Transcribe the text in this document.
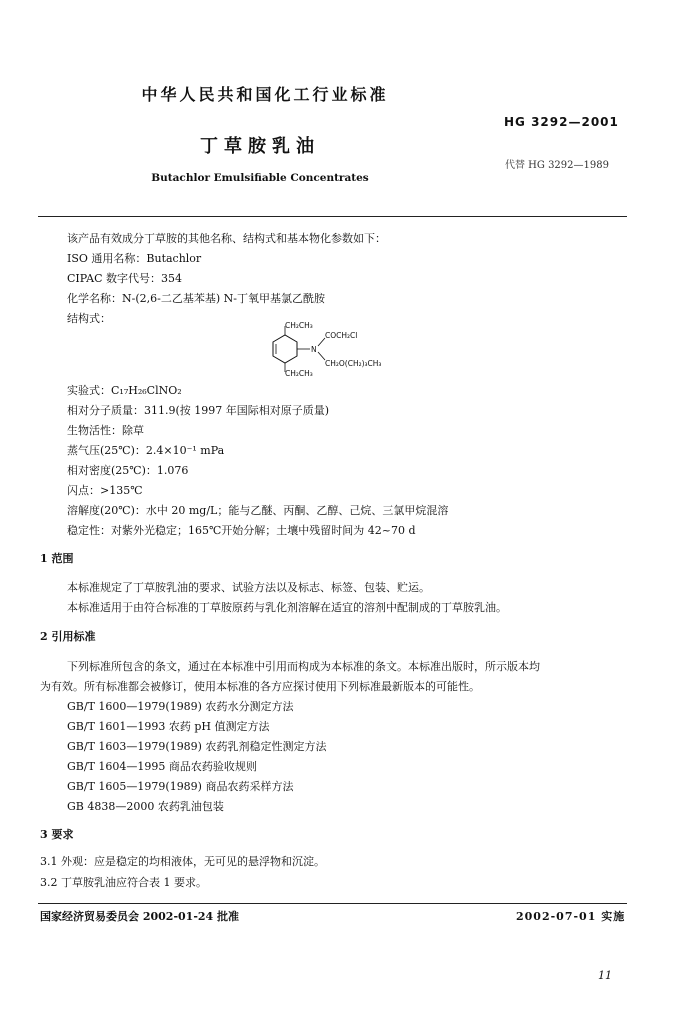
中华人民共和国化工行业标准
HG 3292—2001
丁草胺乳油
代替 HG 3292—1989
Butachlor Emulsifiable Concentrates
该产品有效成分丁草胺的其他名称、结构式和基本物化参数如下：
ISO 通用名称：Butachlor
CIPAC 数字代号：354
化学名称：N-(2,6-二乙基苯基) N-丁氧甲基氯乙酰胺
结构式：
CH₂CH₃
N
COCH₂Cl
CH₂O(CH₂)₃CH₃
CH₂CH₃
实验式：C₁₇H₂₆ClNO₂
相对分子质量：311.9(按 1997 年国际相对原子质量)
生物活性：除草
蒸气压(25℃)：2.4×10⁻¹ mPa
相对密度(25℃)：1.076
闪点：>135℃
溶解度(20℃)：水中 20 mg/L；能与乙醚、丙酮、乙醇、己烷、三氯甲烷混溶
稳定性：对紫外光稳定；165℃开始分解；土壤中残留时间为 42~70 d
1 范围
本标准规定了丁草胺乳油的要求、试验方法以及标志、标签、包装、贮运。
本标准适用于由符合标准的丁草胺原药与乳化剂溶解在适宜的溶剂中配制成的丁草胺乳油。
2 引用标准
下列标准所包含的条文，通过在本标准中引用而构成为本标准的条文。本标准出版时，所示版本均
为有效。所有标准都会被修订，使用本标准的各方应探讨使用下列标准最新版本的可能性。
GB/T 1600—1979(1989) 农药水分测定方法
GB/T 1601—1993 农药 pH 值测定方法
GB/T 1603—1979(1989) 农药乳剂稳定性测定方法
GB/T 1604—1995 商品农药验收规则
GB/T 1605—1979(1989) 商品农药采样方法
GB 4838—2000 农药乳油包装
3 要求
3.1 外观：应是稳定的均相液体，无可见的悬浮物和沉淀。
3.2 丁草胺乳油应符合表 1 要求。
国家经济贸易委员会 2002-01-24 批准	2002-07-01 实施
11
